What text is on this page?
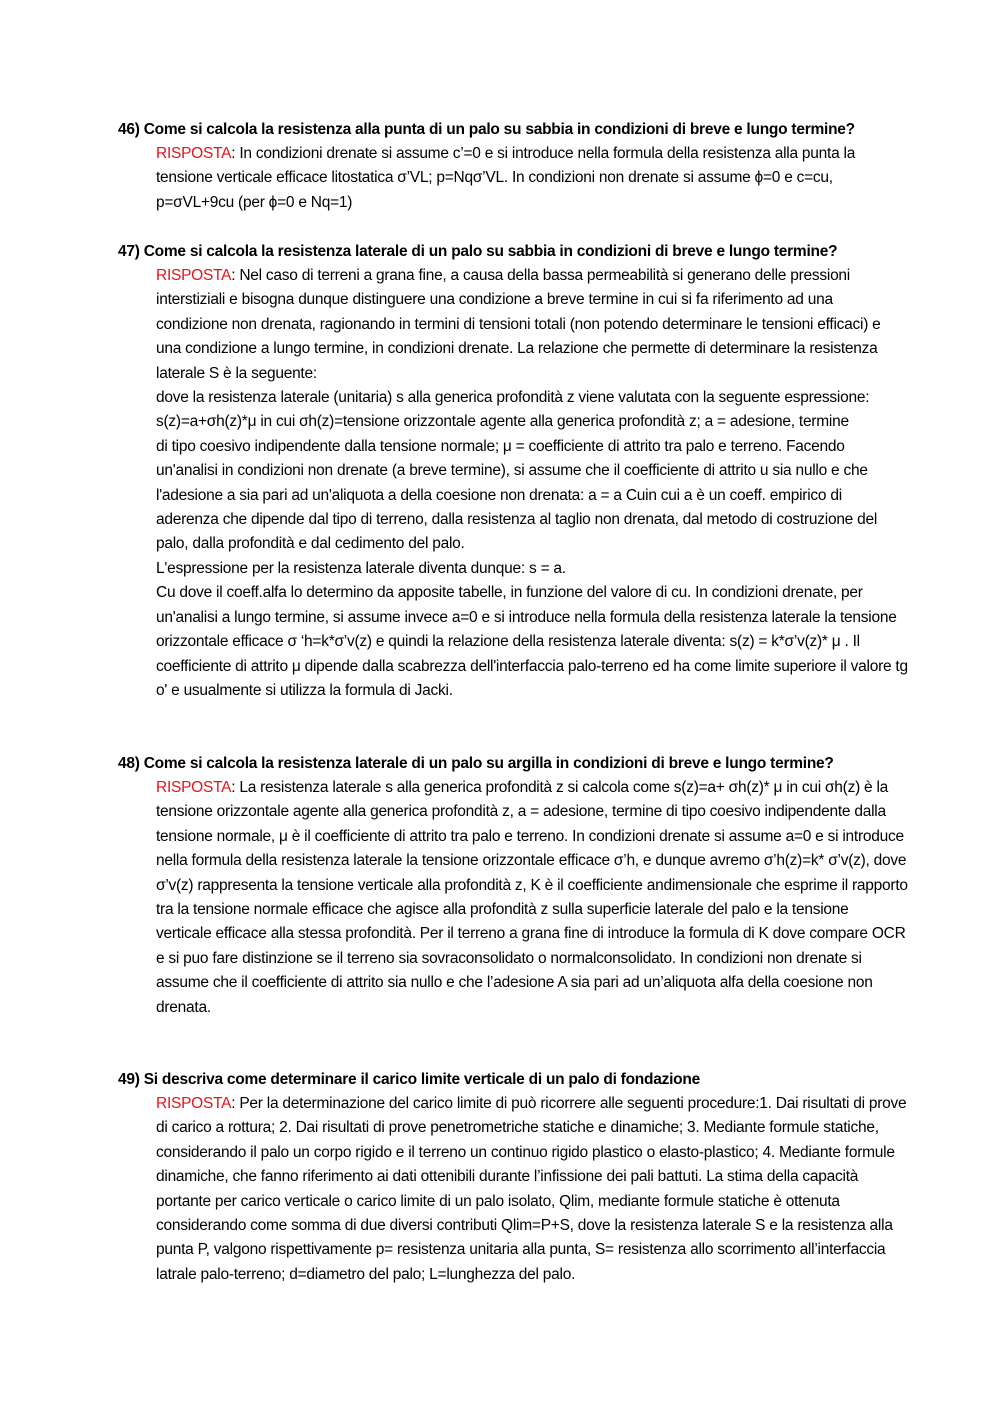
46) Come si calcola la resistenza alla punta di un palo su sabbia in condizioni di breve e lungo termine?

RISPOSTA: In condizioni drenate si assume c’=0 e si introduce nella formula della resistenza alla punta la tensione verticale efficace litostatica σ’VL; p=Nqσ’VL. In condizioni non drenate si assume ϕ=0 e c=cu, p=σVL+9cu (per ϕ=0 e Nq=1)

47) Come si calcola la resistenza laterale di un palo su sabbia in condizioni di breve e lungo termine?

RISPOSTA: Nel caso di terreni a grana fine, a causa della bassa permeabilità si generano delle pressioni interstiziali e bisogna dunque distinguere una condizione a breve termine in cui si fa riferimento ad una condizione non drenata, ragionando in termini di tensioni totali (non potendo determinare le tensioni efficaci) e una condizione a lungo termine, in condizioni drenate. La relazione che permette di determinare la resistenza laterale S è la seguente:

dove la resistenza laterale (unitaria) s alla generica profondità z viene valutata con la seguente espressione: s(z)=a+σh(z)*μ in cui σh(z)=tensione orizzontale agente alla generica profondità z; a = adesione, termine

di tipo coesivo indipendente dalla tensione normale; μ = coefficiente di attrito tra palo e terreno. Facendo un'analisi in condizioni non drenate (a breve termine), si assume che il coefficiente di attrito u sia nullo e che l'adesione a sia pari ad un'aliquota a della coesione non drenata: a = a Cuin cui a è un coeff. empirico di aderenza che dipende dal tipo di terreno, dalla resistenza al taglio non drenata, dal metodo di costruzione del palo, dalla profondità e dal cedimento del palo.

L'espressione per la resistenza laterale diventa dunque: s = a.

Cu dove il coeff.alfa lo determino da apposite tabelle, in funzione del valore di cu. In condizioni drenate, per un'analisi a lungo termine, si assume invece a=0 e si introduce nella formula della resistenza laterale la tensione orizzontale efficace σ ‘h=k*σ’v(z) e quindi la relazione della resistenza laterale diventa: s(z) = k*σ’v(z)* μ . Il coefficiente di attrito μ dipende dalla scabrezza dell'interfaccia palo-terreno ed ha come limite superiore il valore tg o' e usualmente si utilizza la formula di Jacki.

48) Come si calcola la resistenza laterale di un palo su argilla in condizioni di breve e lungo termine?

RISPOSTA: La resistenza laterale s alla generica profondità z si calcola come s(z)=a+ σh(z)* μ in cui σh(z) è la tensione orizzontale agente alla generica profondità z, a = adesione, termine di tipo coesivo indipendente dalla tensione normale, μ è il coefficiente di attrito tra palo e terreno. In condizioni drenate si assume a=0 e si introduce nella formula della resistenza laterale la tensione orizzontale efficace σ’h, e dunque avremo σ’h(z)=k* σ’v(z), dove σ’v(z) rappresenta la tensione verticale alla profondità z, K è il coefficiente andimensionale che esprime il rapporto tra la tensione normale efficace che agisce alla profondità z sulla superficie laterale del palo e la tensione verticale efficace alla stessa profondità. Per il terreno a grana fine di introduce la formula di K dove compare OCR e si puo fare distinzione se il terreno sia sovraconsolidato o normalconsolidato. In condizioni non drenate si assume che il coefficiente di attrito sia nullo e che l’adesione A sia pari ad un’aliquota alfa della coesione non drenata.

49) Si descriva come determinare il carico limite verticale di un palo di fondazione

RISPOSTA: Per la determinazione del carico limite di può ricorrere alle seguenti procedure:1. Dai risultati di prove di carico a rottura; 2. Dai risultati di prove penetrometriche statiche e dinamiche; 3. Mediante formule statiche, considerando il palo un corpo rigido e il terreno un continuo rigido plastico o elasto-plastico; 4. Mediante formule dinamiche, che fanno riferimento ai dati ottenibili durante l’infissione dei pali battuti. La stima della capacità portante per carico verticale o carico limite di un palo isolato, Qlim, mediante formule statiche è ottenuta considerando come somma di due diversi contributi Qlim=P+S, dove la resistenza laterale S e la resistenza alla punta P, valgono rispettivamente p= resistenza unitaria alla punta, S= resistenza allo scorrimento all’interfaccia latrale palo-terreno; d=diametro del palo; L=lunghezza del palo.
